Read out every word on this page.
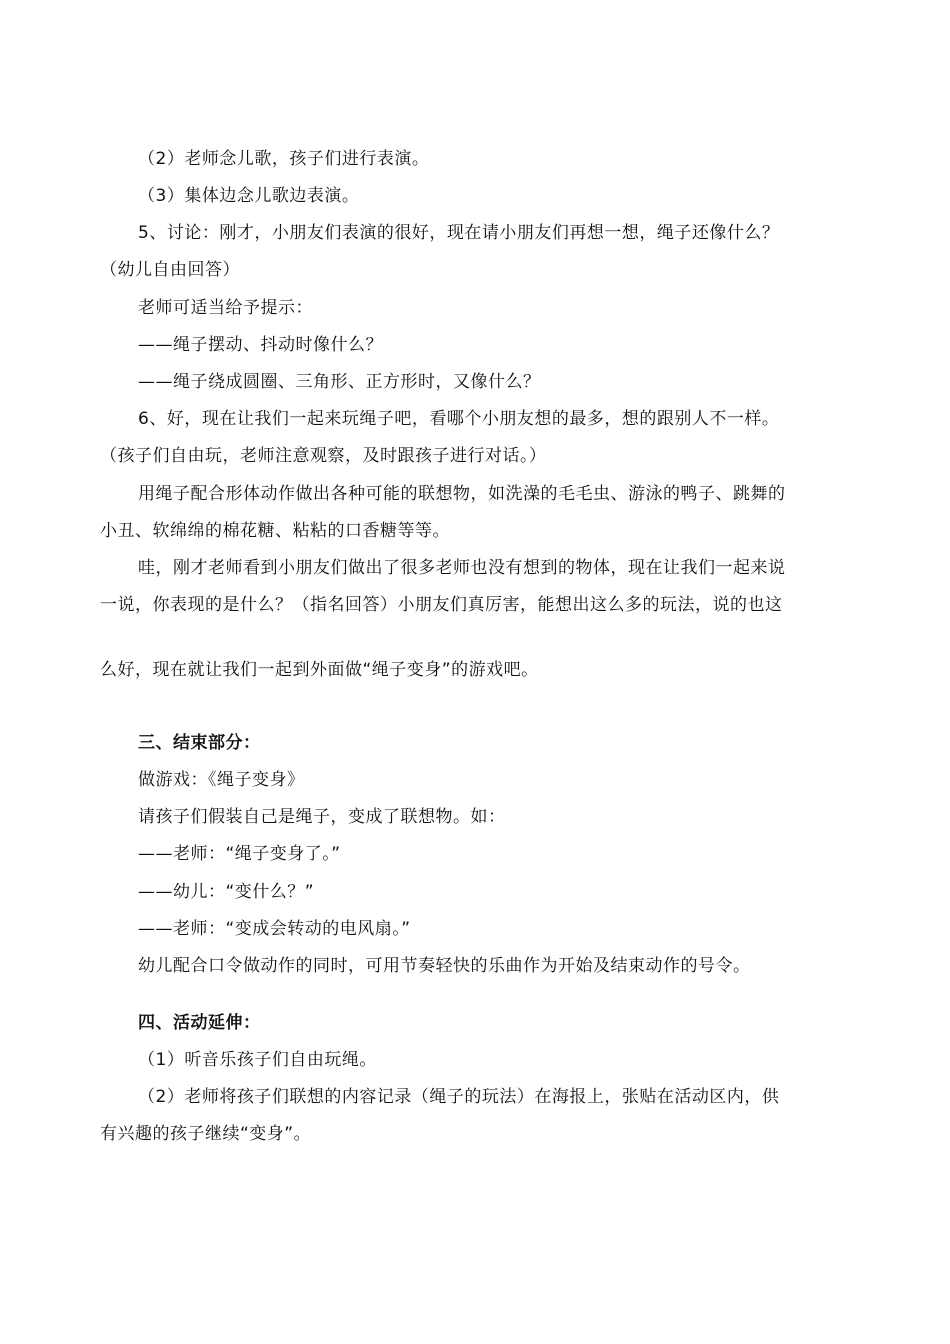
（2）老师念儿歌，孩子们进行表演。
（3）集体边念儿歌边表演。
5、讨论：刚才，小朋友们表演的很好，现在请小朋友们再想一想，绳子还像什么？
（幼儿自由回答）
老师可适当给予提示：
——绳子摆动、抖动时像什么？
——绳子绕成圆圈、三角形、正方形时，又像什么？
6、好，现在让我们一起来玩绳子吧，看哪个小朋友想的最多，想的跟别人不一样。
（孩子们自由玩，老师注意观察，及时跟孩子进行对话。）
用绳子配合形体动作做出各种可能的联想物，如洗澡的毛毛虫、游泳的鸭子、跳舞的
小丑、软绵绵的棉花糖、粘粘的口香糖等等。
哇，刚才老师看到小朋友们做出了很多老师也没有想到的物体，现在让我们一起来说
一说，你表现的是什么？（指名回答）小朋友们真厉害，能想出这么多的玩法，说的也这
么好，现在就让我们一起到外面做“绳子变身”的游戏吧。
三、结束部分：
做游戏：《绳子变身》
请孩子们假装自己是绳子，变成了联想物。如：
——老师：“绳子变身了。”
——幼儿：“变什么？”
——老师：“变成会转动的电风扇。”
幼儿配合口令做动作的同时，可用节奏轻快的乐曲作为开始及结束动作的号令。
四、活动延伸：
（1）听音乐孩子们自由玩绳。
（2）老师将孩子们联想的内容记录（绳子的玩法）在海报上，张贴在活动区内，供
有兴趣的孩子继续“变身”。
